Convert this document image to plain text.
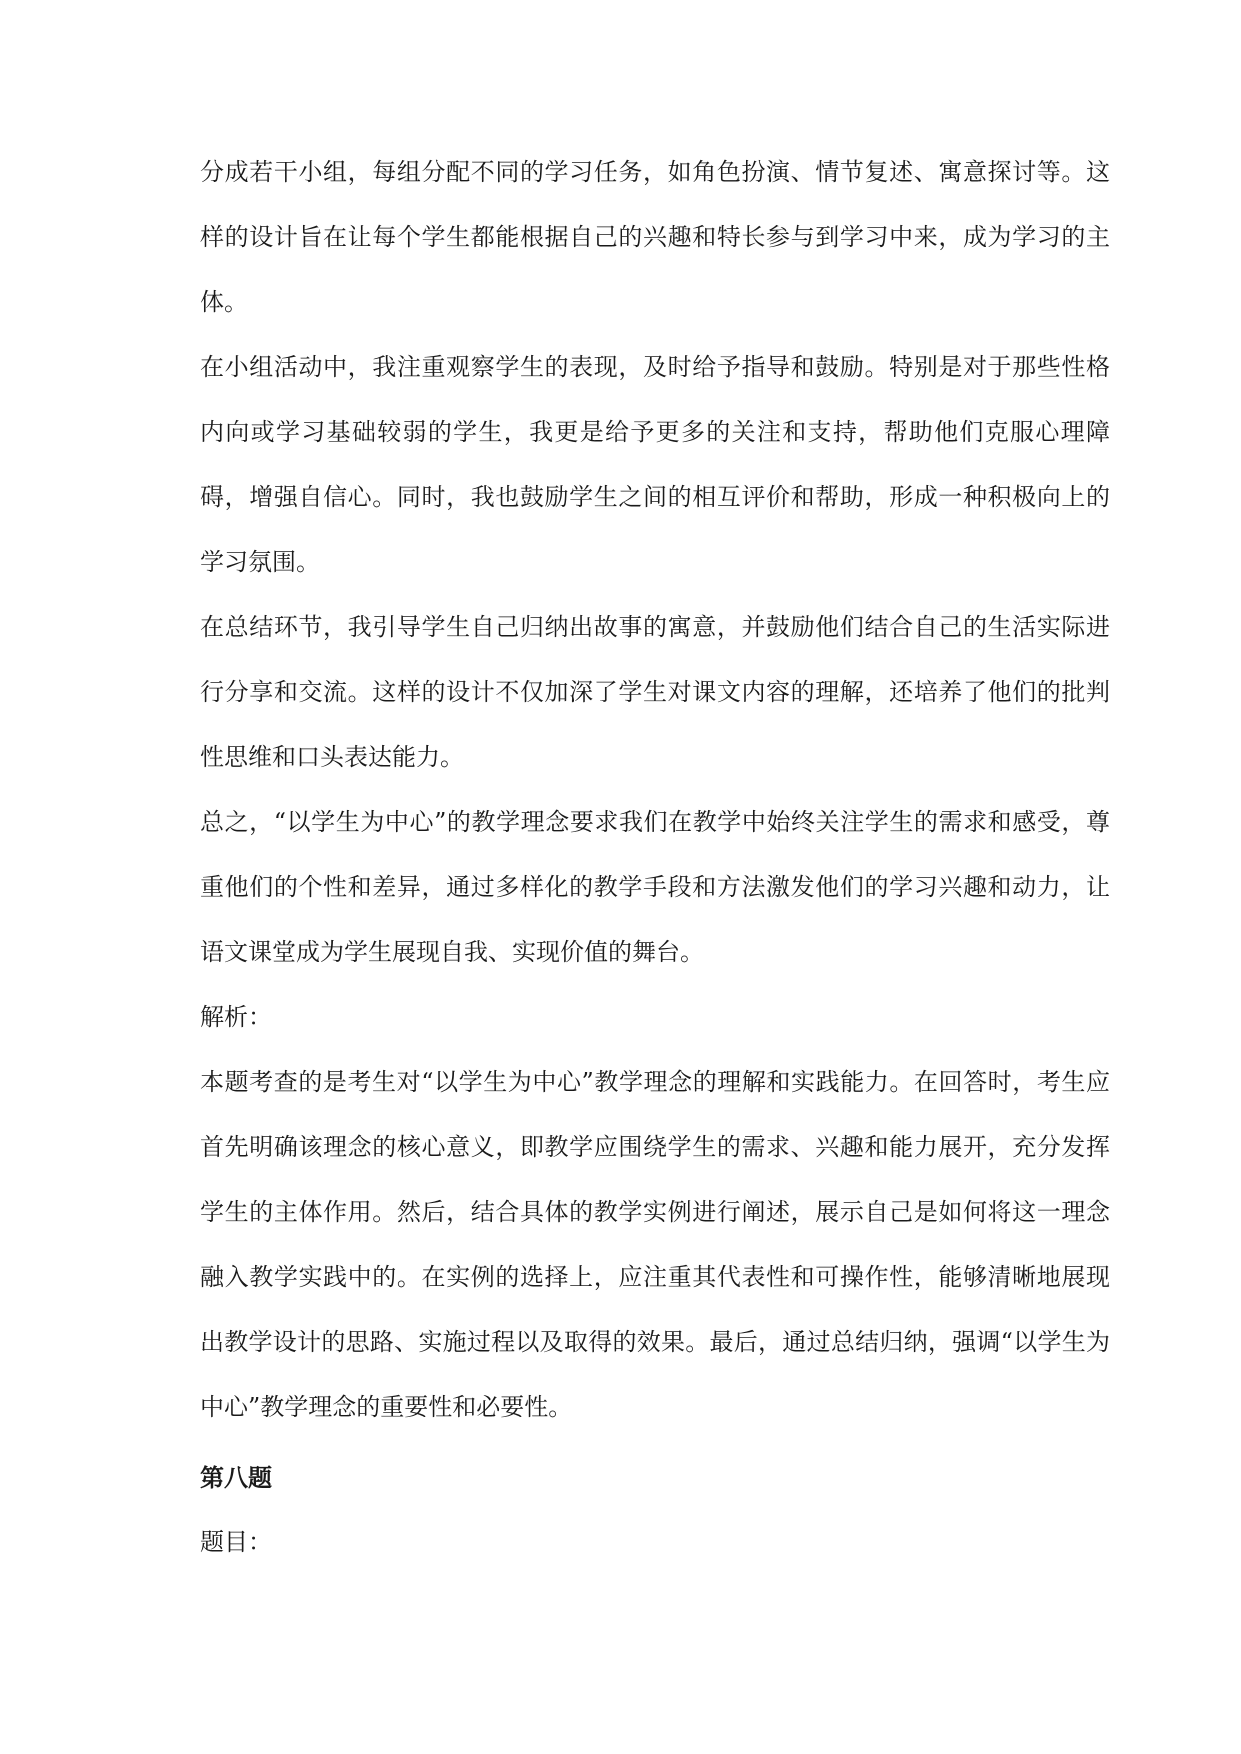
分成若干小组，每组分配不同的学习任务，如角色扮演、情节复述、寓意探讨等。这样的设计旨在让每个学生都能根据自己的兴趣和特长参与到学习中来，成为学习的主体。

在小组活动中，我注重观察学生的表现，及时给予指导和鼓励。特别是对于那些性格内向或学习基础较弱的学生，我更是给予更多的关注和支持，帮助他们克服心理障碍，增强自信心。同时，我也鼓励学生之间的相互评价和帮助，形成一种积极向上的学习氛围。

在总结环节，我引导学生自己归纳出故事的寓意，并鼓励他们结合自己的生活实际进行分享和交流。这样的设计不仅加深了学生对课文内容的理解，还培养了他们的批判性思维和口头表达能力。

总之，“以学生为中心”的教学理念要求我们在教学中始终关注学生的需求和感受，尊重他们的个性和差异，通过多样化的教学手段和方法激发他们的学习兴趣和动力，让语文课堂成为学生展现自我、实现价值的舞台。

解析：

本题考查的是考生对“以学生为中心”教学理念的理解和实践能力。在回答时，考生应首先明确该理念的核心意义，即教学应围绕学生的需求、兴趣和能力展开，充分发挥学生的主体作用。然后，结合具体的教学实例进行阐述，展示自己是如何将这一理念融入教学实践中的。在实例的选择上，应注重其代表性和可操作性，能够清晰地展现出教学设计的思路、实施过程以及取得的效果。最后，通过总结归纳，强调“以学生为中心”教学理念的重要性和必要性。

第八题

题目：
